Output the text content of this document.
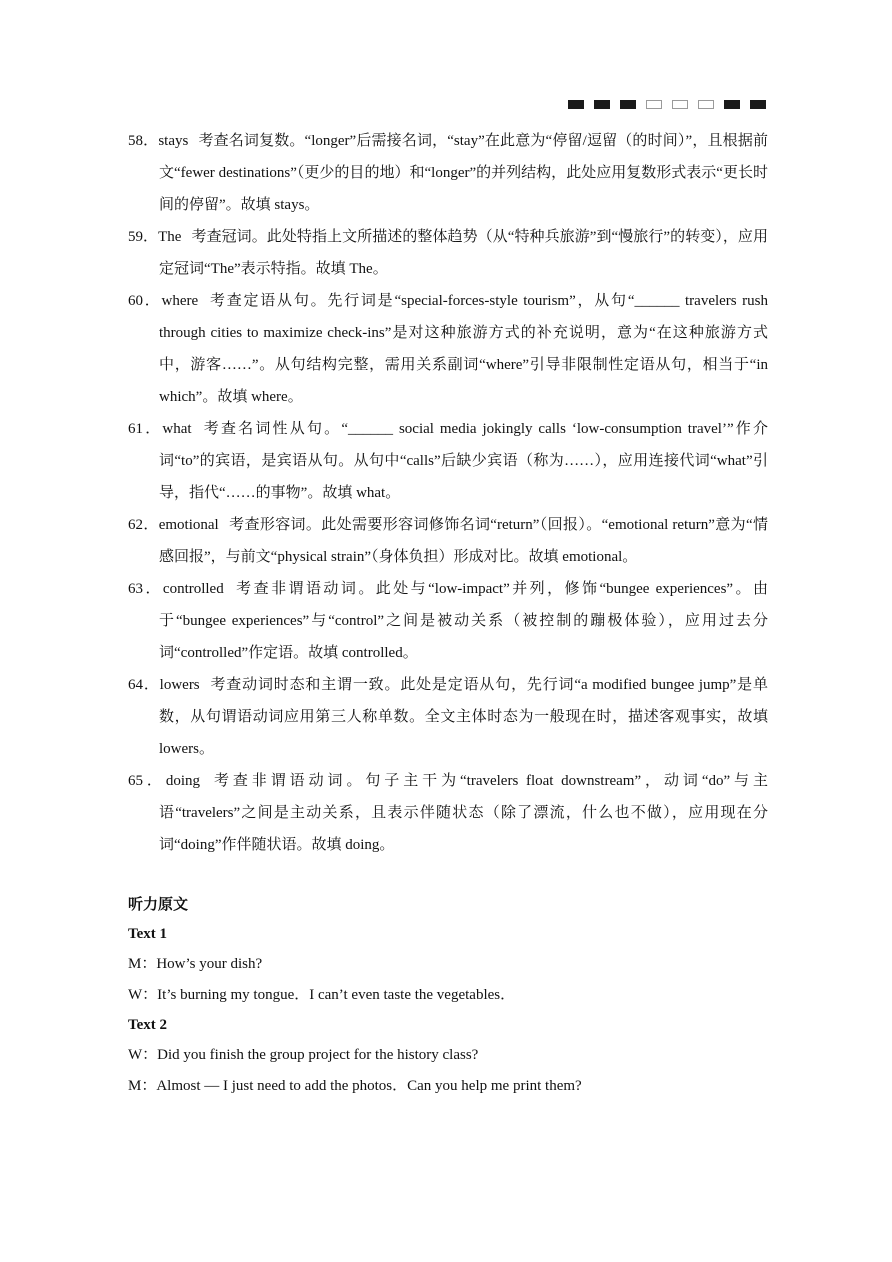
58．stays 考查名词复数。“longer”后需接名词，“stay”在此意为“停留/逗留（的时间）”，且根据前文“fewer destinations”（更少的目的地）和“longer”的并列结构，此处应用复数形式表示“更长时间的停留”。故填 stays。
59．The 考查冠词。此处特指上文所描述的整体趋势（从“特种兵旅游”到“慢旅行”的转变），应用定冠词“The”表示特指。故填 The。
60．where 考查定语从句。先行词是“special-forces-style tourism”，从句“______ travelers rush through cities to maximize check-ins”是对这种旅游方式的补充说明，意为“在这种旅游方式中，游客……”。从句结构完整，需用关系副词“where”引导非限制性定语从句，相当于“in which”。故填 where。
61．what 考查名词性从句。“______ social media jokingly calls ‘low-consumption travel’”作介词“to”的宾语，是宾语从句。从句中“calls”后缺少宾语（称为……），应用连接代词“what”引导，指代“……的事物”。故填 what。
62．emotional 考查形容词。此处需要形容词修饰名词“return”（回报）。“emotional return”意为“情感回报”，与前文“physical strain”（身体负担）形成对比。故填 emotional。
63．controlled 考查非谓语动词。此处与“low-impact”并列，修饰“bungee experiences”。由于“bungee experiences”与“control”之间是被动关系（被控制的蹦极体验），应用过去分词“controlled”作定语。故填 controlled。
64．lowers 考查动词时态和主谓一致。此处是定语从句，先行词“a modified bungee jump”是单数，从句谓语动词应用第三人称单数。全文主体时态为一般现在时，描述客观事实，故填 lowers。
65．doing 考查非谓语动词。句子主干为“travelers float downstream”，动词“do”与主语“travelers”之间是主动关系，且表示伴随状态（除了漂流，什么也不做），应用现在分词“doing”作伴随状语。故填 doing。
听力原文
Text 1
M：How’s your dish?
W：It’s burning my tongue．I can’t even taste the vegetables．
Text 2
W：Did you finish the group project for the history class?
M：Almost — I just need to add the photos．Can you help me print them?
